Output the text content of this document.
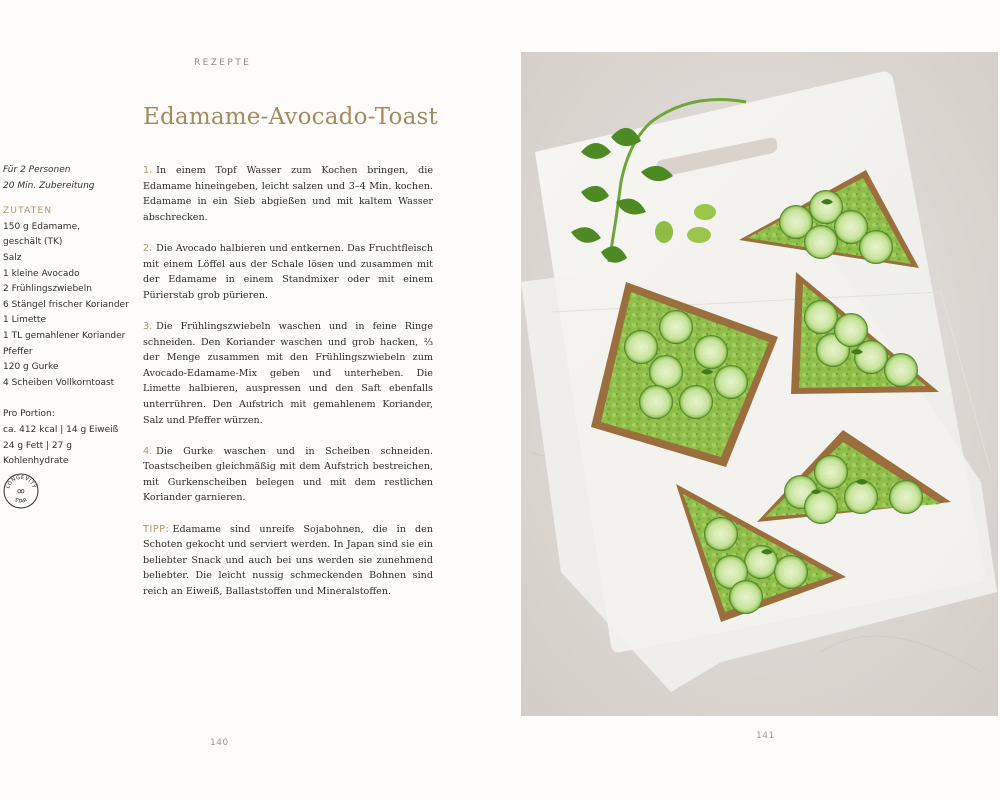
REZEPTE
Edamame-Avocado-Toast
Für 2 Personen
20 Min. Zubereitung
ZUTATEN
150 g Edamame,
geschält (TK)
Salz
1 kleine Avocado
2 Frühlingszwiebeln
6 Stängel frischer Koriander
1 Limette
1 TL gemahlener Koriander
Pfeffer
120 g Gurke
4 Scheiben Vollkorntoast
Pro Portion:
ca. 412 kcal | 14 g Eiweiß
24 g Fett | 27 g Kohlenhydrate
LONGEVITY
∞
STAR

1. In einem Topf Wasser zum Kochen bringen, die Edamame hineingeben, leicht salzen und 3–4 Min. kochen. Edamame in ein Sieb abgießen und mit kaltem Wasser abschrecken.

2. Die Avocado halbieren und entkernen. Das Fruchtfleisch mit einem Löffel aus der Schale lösen und zusammen mit der Edamame in einem Standmixer oder mit einem Pürierstab grob pürieren.

3. Die Frühlingszwiebeln waschen und in feine Ringe schneiden. Den Koriander waschen und grob hacken, ⅔ der Menge zusammen mit den Frühlingszwiebeln zum Avocado-Edamame-Mix geben und unterheben. Die Limette halbieren, auspressen und den Saft ebenfalls unterrühren. Den Aufstrich mit gemahlenem Koriander, Salz und Pfeffer würzen.

4. Die Gurke waschen und in Scheiben schneiden. Toastscheiben gleichmäßig mit dem Aufstrich bestreichen, mit Gurkenscheiben belegen und mit dem restlichen Koriander garnieren.

TIPP: Edamame sind unreife Sojabohnen, die in den Schoten gekocht und serviert werden. In Japan sind sie ein beliebter Snack und auch bei uns werden sie zunehmend beliebter. Die leicht nussig schmeckenden Bohnen sind reich an Eiweiß, Ballaststoffen und Mineralstoffen.

140
141
